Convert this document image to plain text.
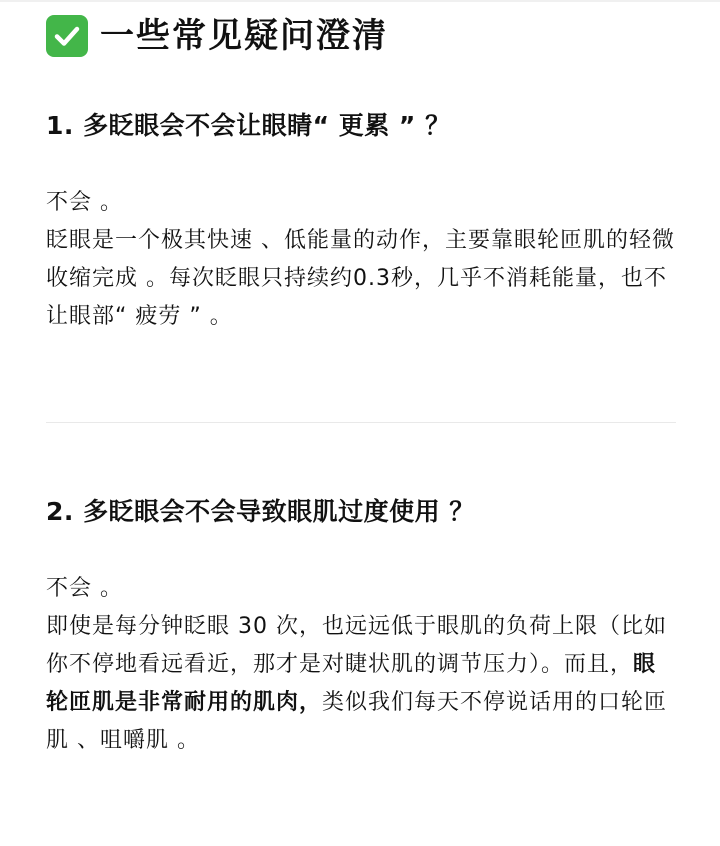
一些常见疑问澄清
1. 多眨眼会不会让眼睛“ 更累 ” ？

不会 。

眨眼是一个极其快速 、低能量的动作，主要靠眼轮匝肌的轻微收缩完成 。每次眨眼只持续约0.3秒，几乎不消耗能量，也不让眼部“ 疲劳 ” 。

2. 多眨眼会不会导致眼肌过度使用 ？

不会 。

即使是每分钟眨眼 30 次，也远远低于眼肌的负荷上限（比如你不停地看远看近，那才是对睫状肌的调节压力）。而且，眼轮匝肌是非常耐用的肌肉，类似我们每天不停说话用的口轮匝肌 、咀嚼肌 。
